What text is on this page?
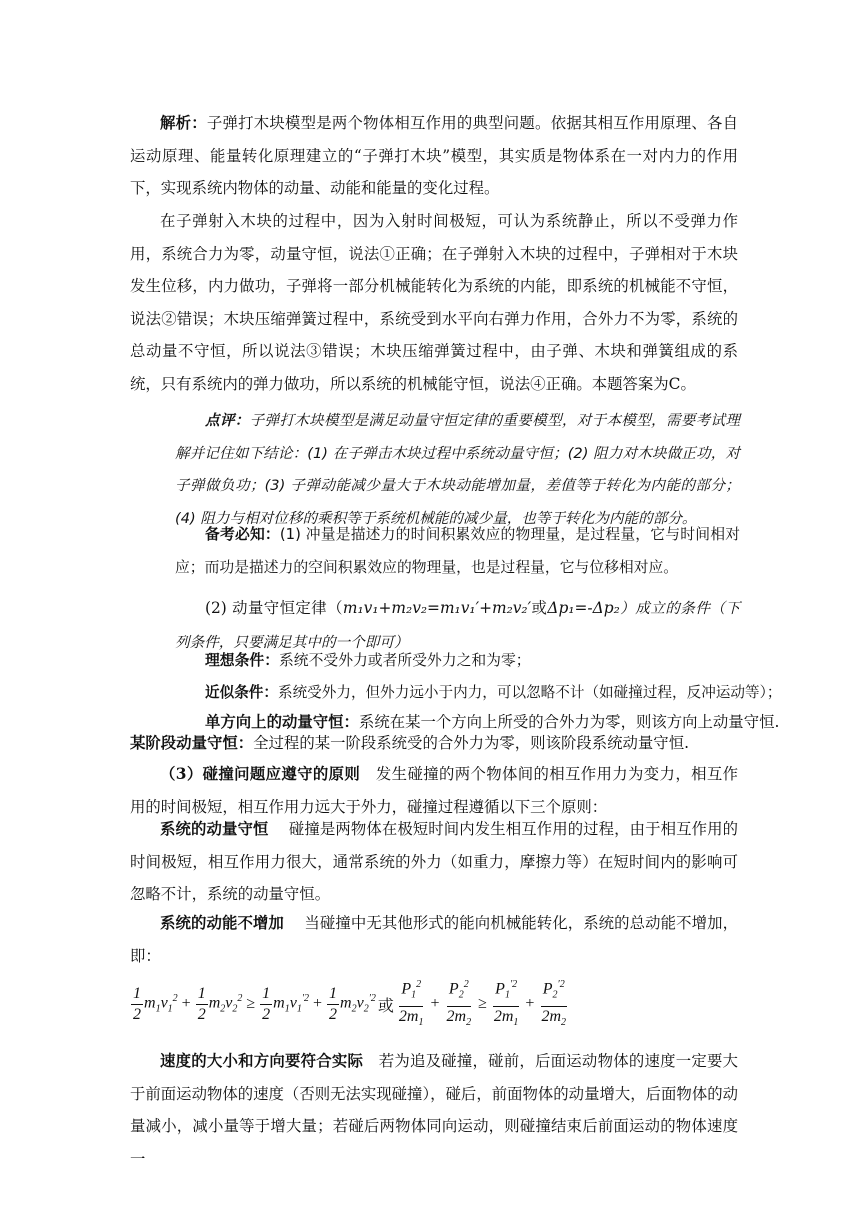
解析：子弹打木块模型是两个物体相互作用的典型问题。依据其相互作用原理、各自运动原理、能量转化原理建立的“子弹打木块”模型，其实质是物体系在一对内力的作用下，实现系统内物体的动量、动能和能量的变化过程。

在子弹射入木块的过程中，因为入射时间极短，可认为系统静止，所以不受弹力作用，系统合力为零，动量守恒，说法①正确；在子弹射入木块的过程中，子弹相对于木块发生位移，内力做功，子弹将一部分机械能转化为系统的内能，即系统的机械能不守恒，说法②错误；木块压缩弹簧过程中，系统受到水平向右弹力作用，合外力不为零，系统的总动量不守恒，所以说法③错误；木块压缩弹簧过程中，由子弹、木块和弹簧组成的系统，只有系统内的弹力做功，所以系统的机械能守恒，说法④正确。本题答案为C。

点评：子弹打木块模型是满足动量守恒定律的重要模型，对于本模型，需要考试理解并记住如下结论：(1) 在子弹击木块过程中系统动量守恒；(2) 阻力对木块做正功，对子弹做负功；(3) 子弹动能减少量大于木块动能增加量，差值等于转化为内能的部分；(4) 阻力与相对位移的乘积等于系统机械能的减少量，也等于转化为内能的部分。

备考必知：(1) 冲量是描述力的时间积累效应的物理量，是过程量，它与时间相对应；而功是描述力的空间积累效应的物理量，也是过程量，它与位移相对应。

(2) 动量守恒定律（m₁v₁+m₂v₂=m₁v₁′+m₂v₂′或Δp₁=-Δp₂）成立的条件（下列条件，只要满足其中的一个即可）

理想条件：系统不受外力或者所受外力之和为零；

近似条件：系统受外力，但外力远小于内力，可以忽略不计（如碰撞过程，反冲运动等）；

单方向上的动量守恒：系统在某一个方向上所受的合外力为零，则该方向上动量守恒.

某阶段动量守恒：全过程的某一阶段系统受的合外力为零，则该阶段系统动量守恒.

（3）碰撞问题应遵守的原则　发生碰撞的两个物体间的相互作用力为变力，相互作用的时间极短，相互作用力远大于外力，碰撞过程遵循以下三个原则：

系统的动量守恒　 碰撞是两物体在极短时间内发生相互作用的过程，由于相互作用的时间极短，相互作用力很大，通常系统的外力（如重力，摩擦力等）在短时间内的影响可忽略不计，系统的动量守恒。

系统的动能不增加　 当碰撞中无其他形式的能向机械能转化，系统的总动能不增加，即：

$\frac{1}{2} m_1v_1^2 + \frac{1}{2} m_2v_2^2 \ge \frac{1}{2} m_1v_1^{'2} + \frac{1}{2} m_2v_2^{'2}$ 或 $\frac{P_1^2}{2m_1} + \frac{P_2^2}{2m_2} \ge \frac{P_1^{'2}}{2m_1} + \frac{P_2^{'2}}{2m_2}$

速度的大小和方向要符合实际　若为追及碰撞，碰前，后面运动物体的速度一定要大于前面运动物体的速度（否则无法实现碰撞），碰后，前面物体的动量增大，后面物体的动量减小，减小量等于增大量；若碰后两物体同向运动，则碰撞结束后前面运动的物体速度一
